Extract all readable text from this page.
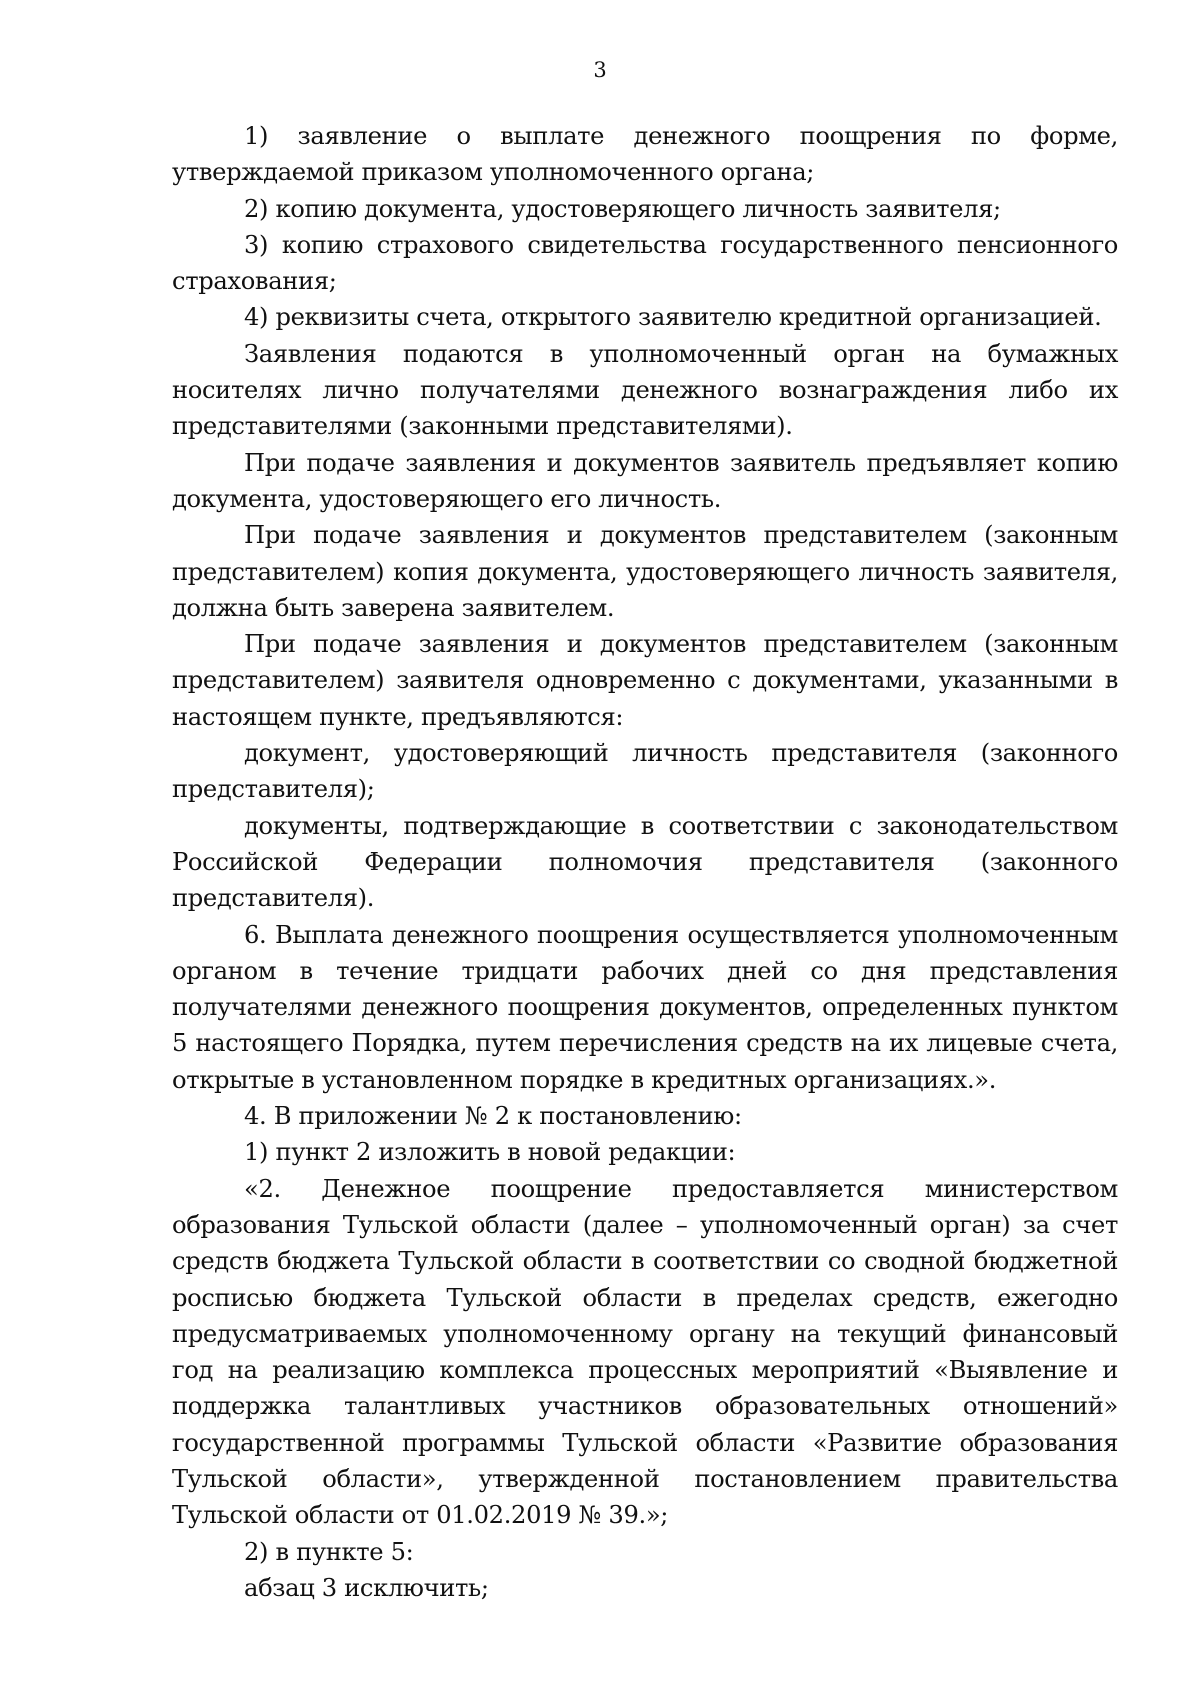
3

1) заявление о выплате денежного поощрения по форме, утверждаемой приказом уполномоченного органа;

2) копию документа, удостоверяющего личность заявителя;

3) копию страхового свидетельства государственного пенсионного страхования;

4) реквизиты счета, открытого заявителю кредитной организацией.

Заявления подаются в уполномоченный орган на бумажных носителях лично получателями денежного вознаграждения либо их представителями (законными представителями).

При подаче заявления и документов заявитель предъявляет копию документа, удостоверяющего его личность.

При подаче заявления и документов представителем (законным представителем) копия документа, удостоверяющего личность заявителя, должна быть заверена заявителем.

При подаче заявления и документов представителем (законным представителем) заявителя одновременно с документами, указанными в настоящем пункте, предъявляются:

документ, удостоверяющий личность представителя (законного представителя);

документы, подтверждающие в соответствии с законодательством Российской Федерации полномочия представителя (законного представителя).

6. Выплата денежного поощрения осуществляется уполномоченным органом в течение тридцати рабочих дней со дня представления получателями денежного поощрения документов, определенных пунктом 5 настоящего Порядка, путем перечисления средств на их лицевые счета, открытые в установленном порядке в кредитных организациях.».

4. В приложении № 2 к постановлению:

1) пункт 2 изложить в новой редакции:

«2. Денежное поощрение предоставляется министерством образования Тульской области (далее – уполномоченный орган) за счет средств бюджета Тульской области в соответствии со сводной бюджетной росписью бюджета Тульской области в пределах средств, ежегодно предусматриваемых уполномоченному органу на текущий финансовый год на реализацию комплекса процессных мероприятий «Выявление и поддержка талантливых участников образовательных отношений» государственной программы Тульской области «Развитие образования Тульской области», утвержденной постановлением правительства Тульской области от 01.02.2019 № 39.»;

2) в пункте 5:

абзац 3 исключить;
